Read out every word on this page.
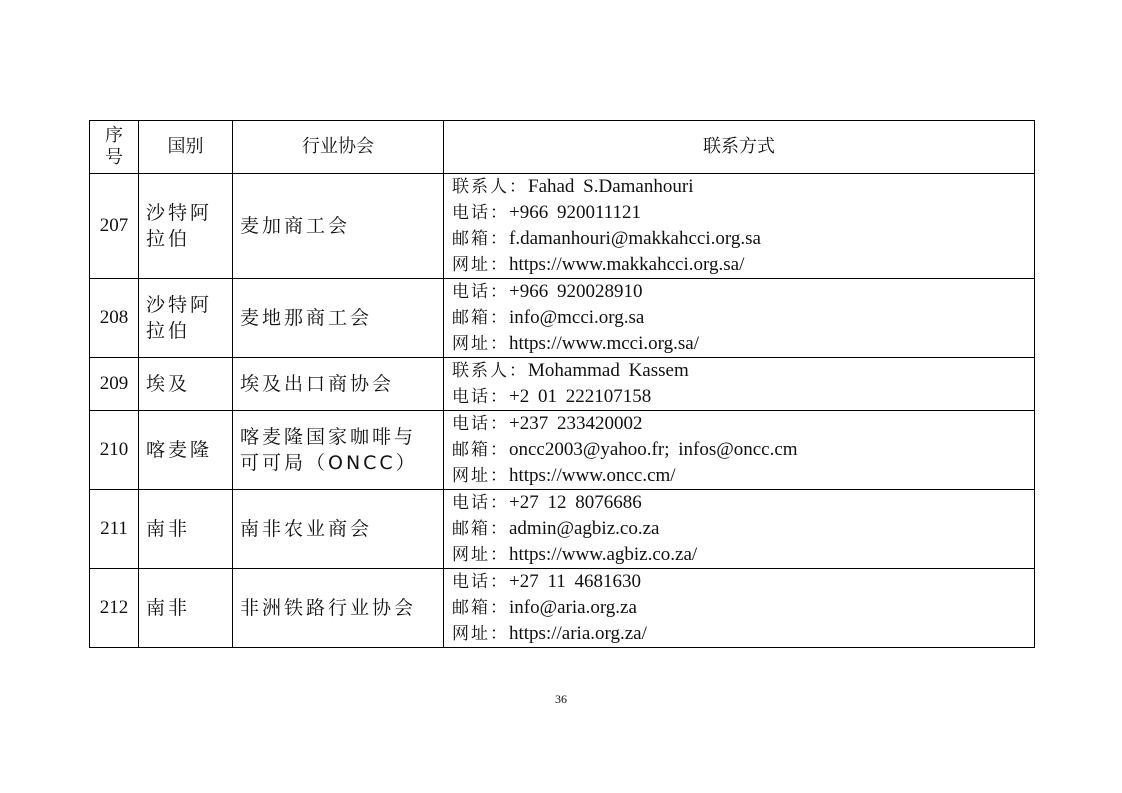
序号	国别	行业协会	联系方式
207	沙特阿拉伯	麦加商工会	联系人：Fahad S.Damanhouri
电话：+966 920011121
邮箱：f.damanhouri@makkahcci.org.sa
网址：https://www.makkahcci.org.sa/

208	沙特阿拉伯	麦地那商工会	电话：+966 920028910
邮箱：info@mcci.org.sa
网址：https://www.mcci.org.sa/

209	埃及	埃及出口商协会	联系人：Mohammad Kassem
电话：+2 01 222107158

210	喀麦隆	喀麦隆国家咖啡与可可局（ONCC）	电话：+237 233420002
邮箱：oncc2003@yahoo.fr; infos@oncc.cm
网址：https://www.oncc.cm/

211	南非	南非农业商会	电话：+27 12 8076686
邮箱：admin@agbiz.co.za
网址：https://www.agbiz.co.za/

212	南非	非洲铁路行业协会	电话：+27 11 4681630
邮箱：info@aria.org.za
网址：https://aria.org.za/
36
